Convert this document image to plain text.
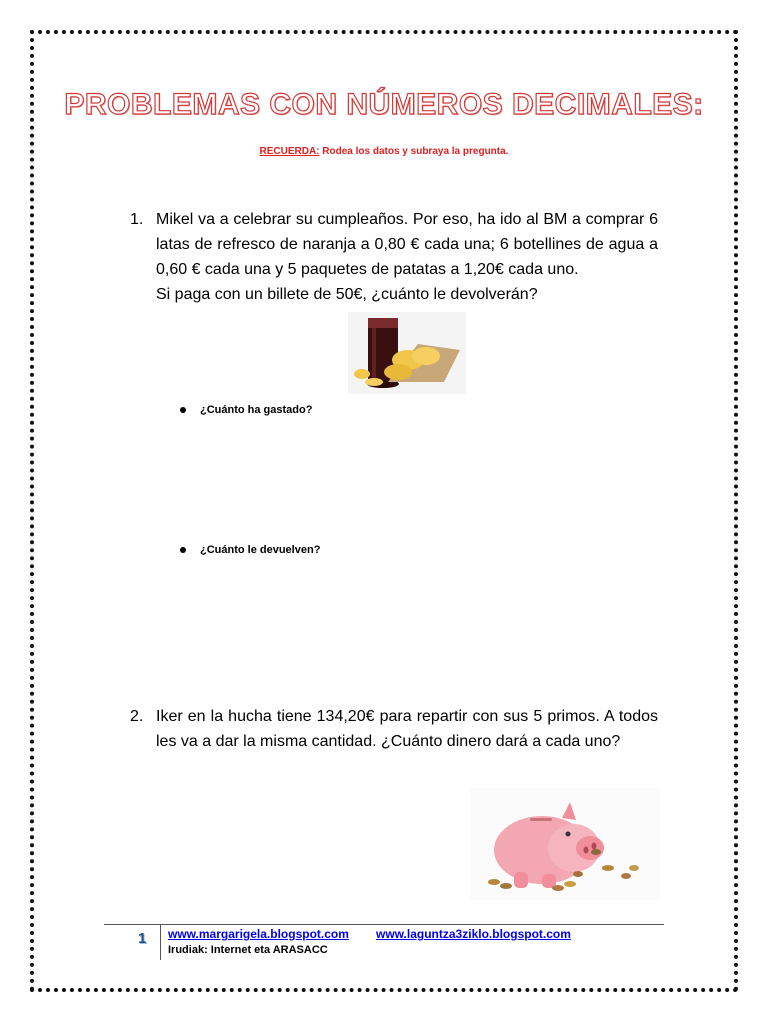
PROBLEMAS CON NÚMEROS DECIMALES:
RECUERDA: Rodea los datos y subraya la pregunta.
1. Mikel va a celebrar su cumpleaños. Por eso, ha ido al BM a comprar 6 latas de refresco de naranja a 0,80 € cada una; 6 botellines de agua a 0,60 € cada una y 5 paquetes de patatas a 1,20€ cada uno.
Si paga con un billete de 50€, ¿cuánto le devolverán?
¿Cuánto ha gastado?
¿Cuánto le devuelven?
2. Iker en la hucha tiene 134,20€ para repartir con sus 5 primos. A todos les va a dar la misma cantidad. ¿Cuánto dinero dará a cada uno?
1 www.margarigela.blogspot.com www.laguntza3ziklo.blogspot.com
Irudiak: Internet eta ARASACC
